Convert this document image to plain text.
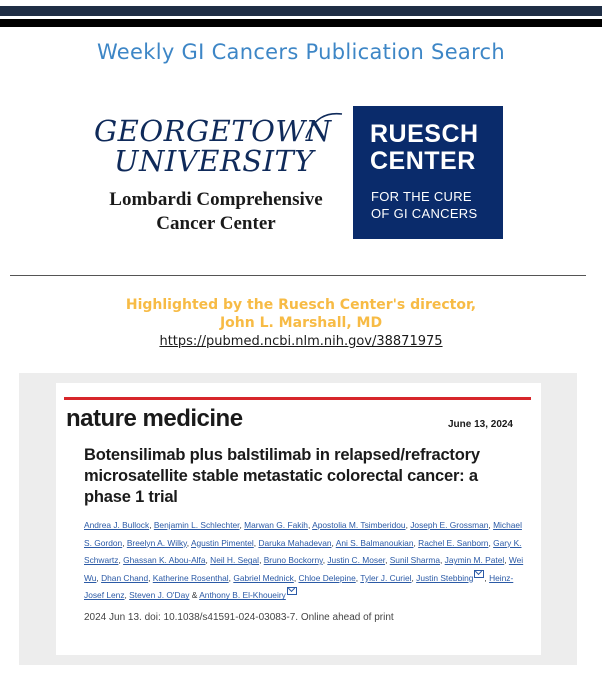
Weekly GI Cancers Publication Search
GEORGETOWN
UNIVERSITY
Lombardi Comprehensive
Cancer Center
RUESCH
CENTER
FOR THE CURE
OF GI CANCERS
Highlighted by the Ruesch Center's director,
John L. Marshall, MD
https://pubmed.ncbi.nlm.nih.gov/38871975
nature medicine	June 13, 2024
Botensilimab plus balstilimab in relapsed/refractory microsatellite stable metastatic colorectal cancer: a phase 1 trial
Andrea J. Bullock, Benjamin L. Schlechter, Marwan G. Fakih, Apostolia M. Tsimberidou, Joseph E. Grossman, Michael S. Gordon, Breelyn A. Wilky, Agustin Pimentel, Daruka Mahadevan, Ani S. Balmanoukian, Rachel E. Sanborn, Gary K. Schwartz, Ghassan K. Abou-Alfa, Neil H. Segal, Bruno Bockorny, Justin C. Moser, Sunil Sharma, Jaymin M. Patel, Wei Wu, Dhan Chand, Katherine Rosenthal, Gabriel Mednick, Chloe Delepine, Tyler J. Curiel, Justin Stebbing , Heinz-Josef Lenz, Steven J. O'Day & Anthony B. El-Khoueiry
2024 Jun 13. doi: 10.1038/s41591-024-03083-7. Online ahead of print
